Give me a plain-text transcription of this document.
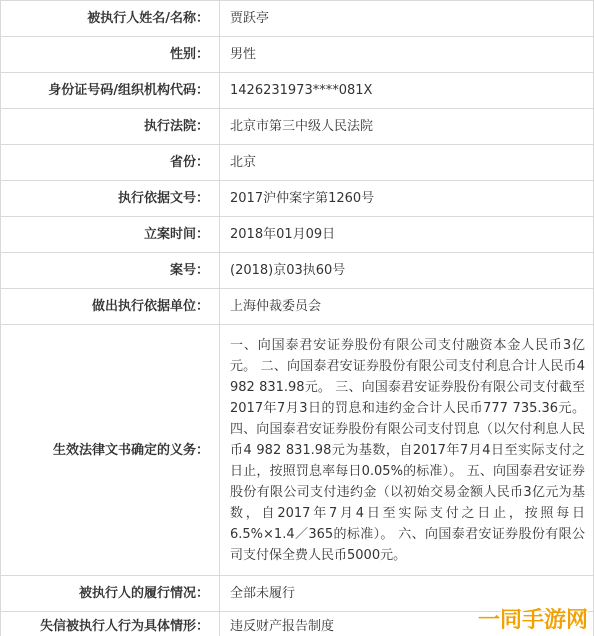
被执行人姓名/名称：	贾跃亭
性别：	男性
身份证号码/组织机构代码：	1426231973****081X
执行法院：	北京市第三中级人民法院
省份：	北京
执行依据文号：	2017沪仲案字第1260号
立案时间：	2018年01月09日
案号：	(2018)京03执60号
做出执行依据单位：	上海仲裁委员会
生效法律文书确定的义务：	一、向国泰君安证券股份有限公司支付融资本金人民币3亿元。 二、向国泰君安证券股份有限公司支付利息合计人民币4 982 831.98元。 三、向国泰君安证券股份有限公司支付截至2017年7月3日的罚息和违约金合计人民币777 735.36元。 四、向国泰君安证券股份有限公司支付罚息（以欠付利息人民币4 982 831.98元为基数，自2017年7月4日至实际支付之日止，按照罚息率每日0.05%的标准）。 五、向国泰君安证券股份有限公司支付违约金（以初始交易金额人民币3亿元为基数，自2017年7月4日至实际支付之日止，按照每日6.5%×1.4／365的标准）。 六、向国泰君安证券股份有限公司支付保全费人民币5000元。
被执行人的履行情况：	全部未履行
失信被执行人行为具体情形：	违反财产报告制度	一同手游网
